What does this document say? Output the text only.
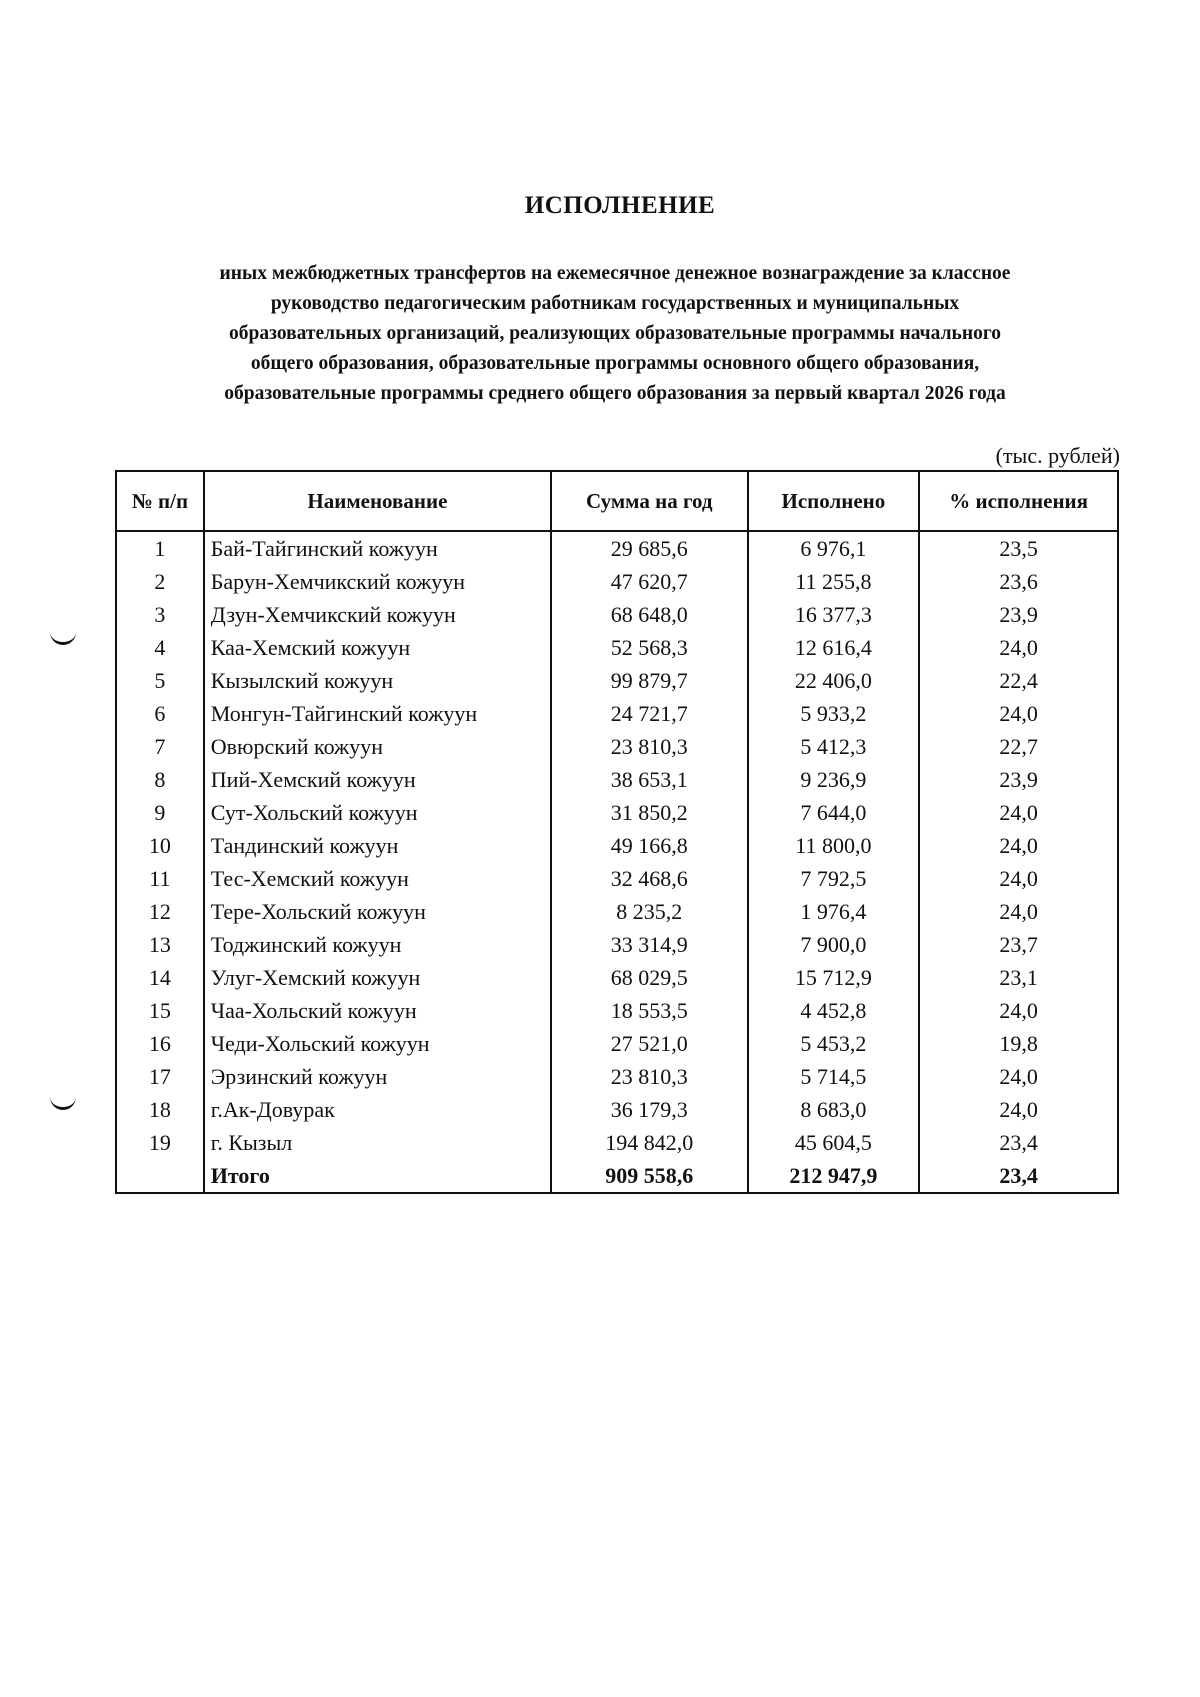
ИСПОЛНЕНИЕ
иных межбюджетных трансфертов на ежемесячное денежное вознаграждение за классное
руководство педагогическим работникам государственных и муниципальных
образовательных организаций, реализующих образовательные программы начального
общего образования, образовательные программы основного общего образования,
образовательные программы среднего общего образования за первый квартал 2026 года
(тыс. рублей)
№ п/п	Наименование	Сумма на год	Исполнено	% исполнения
1	Бай-Тайгинский кожуун	29 685,6	6 976,1	23,5
2	Барун-Хемчикский кожуун	47 620,7	11 255,8	23,6
3	Дзун-Хемчикский кожуун	68 648,0	16 377,3	23,9
4	Каа-Хемский кожуун	52 568,3	12 616,4	24,0
5	Кызылский кожуун	99 879,7	22 406,0	22,4
6	Монгун-Тайгинский кожуун	24 721,7	5 933,2	24,0
7	Овюрский кожуун	23 810,3	5 412,3	22,7
8	Пий-Хемский кожуун	38 653,1	9 236,9	23,9
9	Сут-Хольский кожуун	31 850,2	7 644,0	24,0
10	Тандинский кожуун	49 166,8	11 800,0	24,0
11	Тес-Хемский кожуун	32 468,6	7 792,5	24,0
12	Тере-Хольский кожуун	8 235,2	1 976,4	24,0
13	Тоджинский кожуун	33 314,9	7 900,0	23,7
14	Улуг-Хемский кожуун	68 029,5	15 712,9	23,1
15	Чаа-Хольский кожуун	18 553,5	4 452,8	24,0
16	Чеди-Хольский кожуун	27 521,0	5 453,2	19,8
17	Эрзинский кожуун	23 810,3	5 714,5	24,0
18	г.Ак-Довурак	36 179,3	8 683,0	24,0
19	г. Кызыл	194 842,0	45 604,5	23,4
	Итого	909 558,6	212 947,9	23,4
